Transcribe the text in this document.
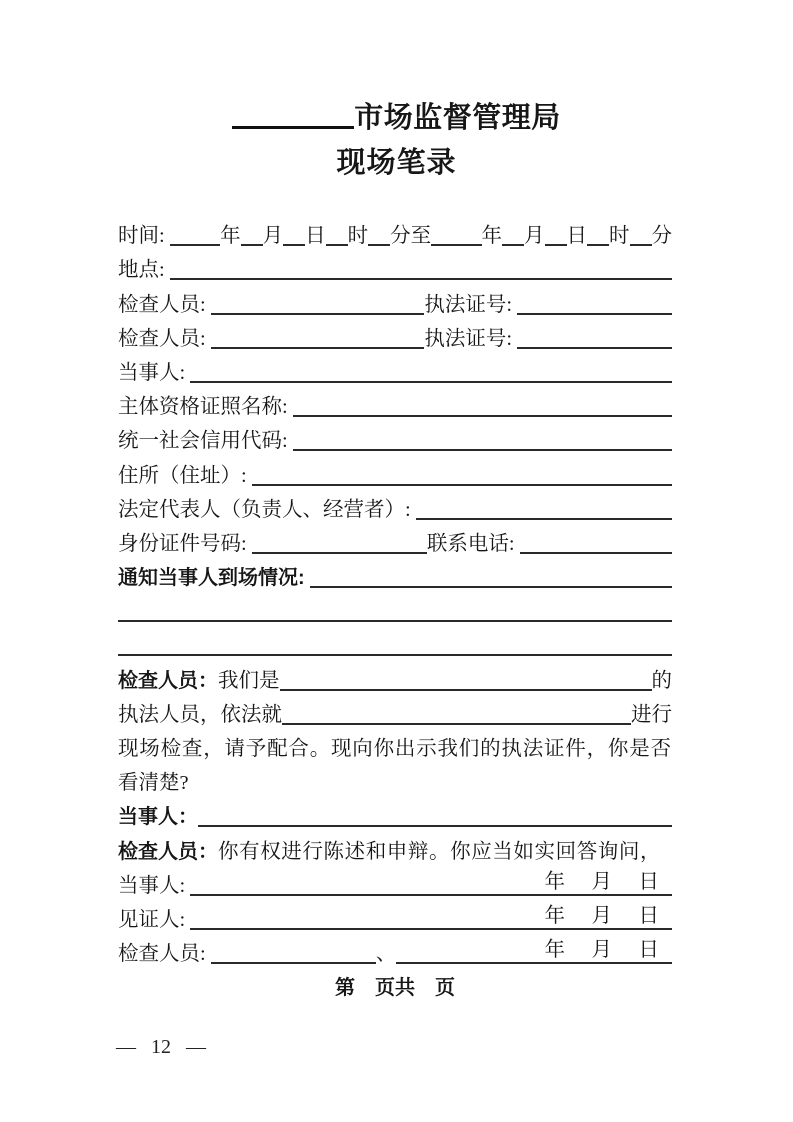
市场监督管理局
现场笔录
时间: 年 月 日 时 分至 年 月 日 时 分
地点:
检查人员:	执法证号:
检查人员:	执法证号:
当事人:
主体资格证照名称:
统一社会信用代码:
住所（住址）:
法定代表人（负责人、经营者）:
身份证件号码:	联系电话:
通知当事人到场情况:
检查人员： 我们是	的
执法人员，依法就	进行
现场检查，请予配合。现向你出示我们的执法证件，你是否
看清楚?
当事人：
检查人员： 你有权进行陈述和申辩。你应当如实回答询问，
当事人:	年　月　日
见证人:	年　月　日
检查人员:	、	年　月　日
第　页共　页
— 12 —
